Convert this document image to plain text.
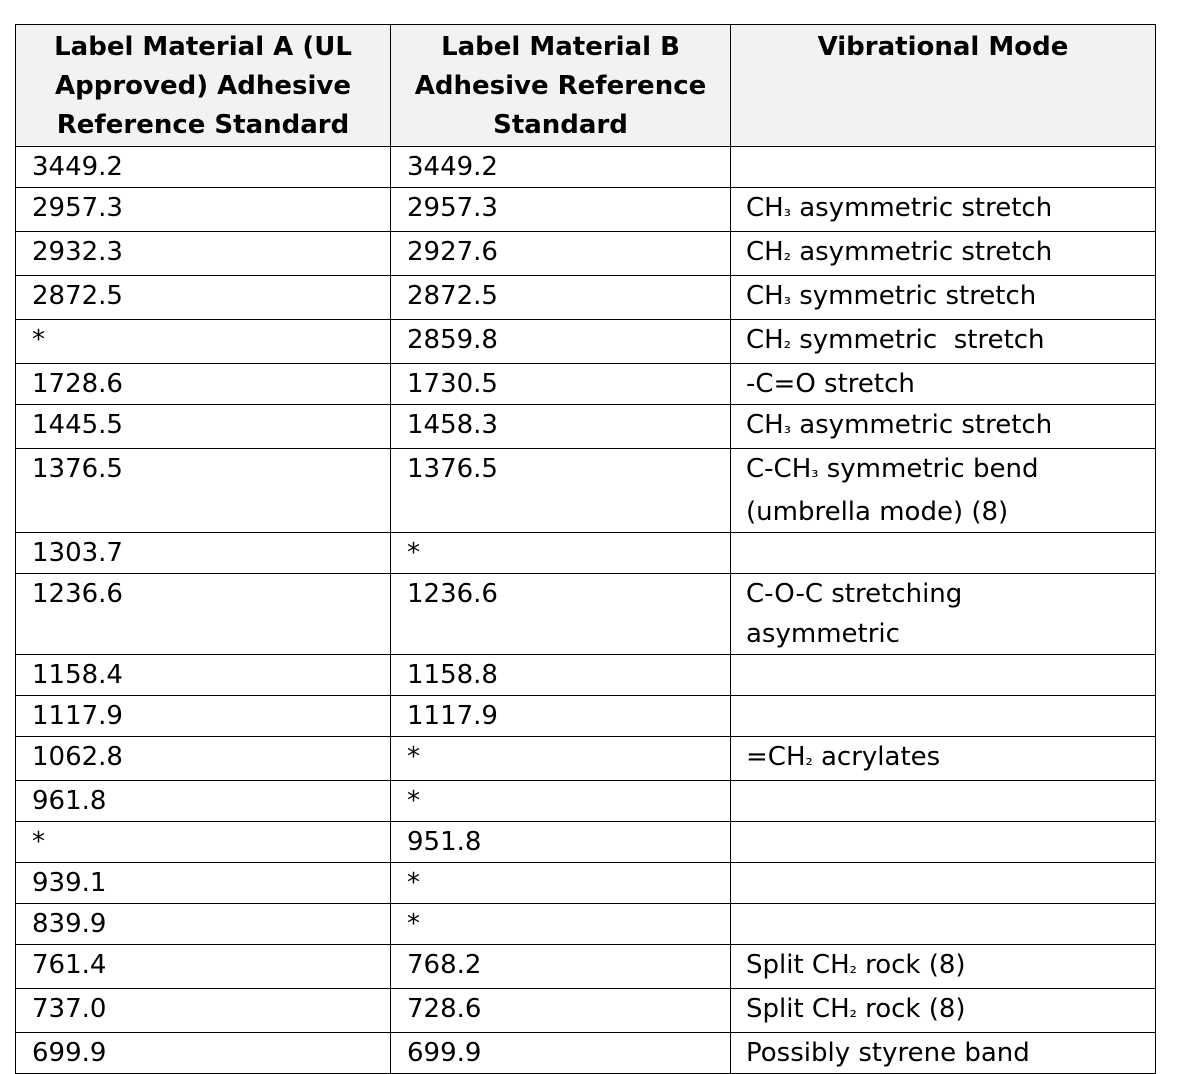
Label Material A (UL Approved) Adhesive Reference Standard	Label Material B Adhesive Reference Standard	Vibrational Mode
3449.2	3449.2	
2957.3	2957.3	CH₃ asymmetric stretch
2932.3	2927.6	CH₂ asymmetric stretch
2872.5	2872.5	CH₃ symmetric stretch
*	2859.8	CH₂ symmetric  stretch
1728.6	1730.5	-C=O stretch
1445.5	1458.3	CH₃ asymmetric stretch
1376.5	1376.5	C-CH₃ symmetric bend
(umbrella mode) (8)
1303.7	*	
1236.6	1236.6	C-O-C stretching
asymmetric
1158.4	1158.8	
1117.9	1117.9	
1062.8	*	=CH₂ acrylates
961.8	*	
*	951.8	
939.1	*	
839.9	*	
761.4	768.2	Split CH₂ rock (8)
737.0	728.6	Split CH₂ rock (8)
699.9	699.9	Possibly styrene band
